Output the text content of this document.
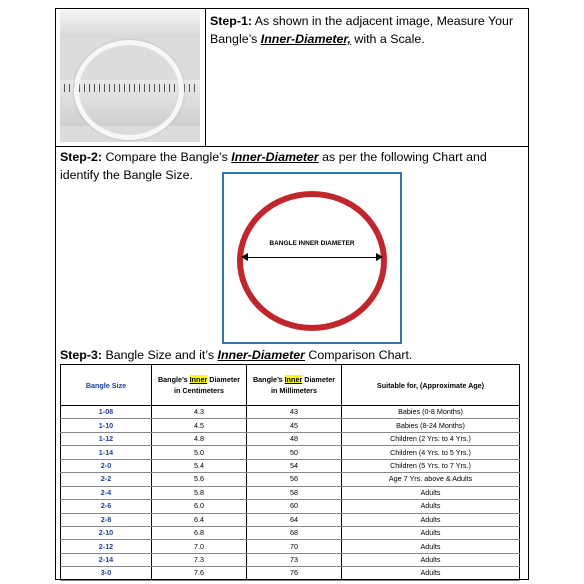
Step-1: As shown in the adjacent image, Measure Your Bangle’s Inner-Diameter, with a Scale.
Step-2: Compare the Bangle’s Inner-Diameter as per the following Chart and identify the Bangle Size.
BANGLE INNER DIAMETER
Step-3: Bangle Size and it’s Inner-Diameter Comparison Chart.
Bangle Size	Bangle’s Inner Diameter in Centimeters	Bangle’s Inner Diameter in Millimeters	Suitable for, (Approximate Age)
1-08	4.3	43	Babies (0-8 Months)
1-10	4.5	45	Babies (8-24 Months)
1-12	4.8	48	Children (2 Yrs. to 4 Yrs.)
1-14	5.0	50	Children (4 Yrs. to 5 Yrs.)
2-0	5.4	54	Children (5 Yrs. to 7 Yrs.)
2-2	5.6	56	Age 7 Yrs. above & Adults
2-4	5.8	58	Adults
2-6	6.0	60	Adults
2-8	6.4	64	Adults
2-10	6.8	68	Adults
2-12	7.0	70	Adults
2-14	7.3	73	Adults
3-0	7.6	76	Adults
